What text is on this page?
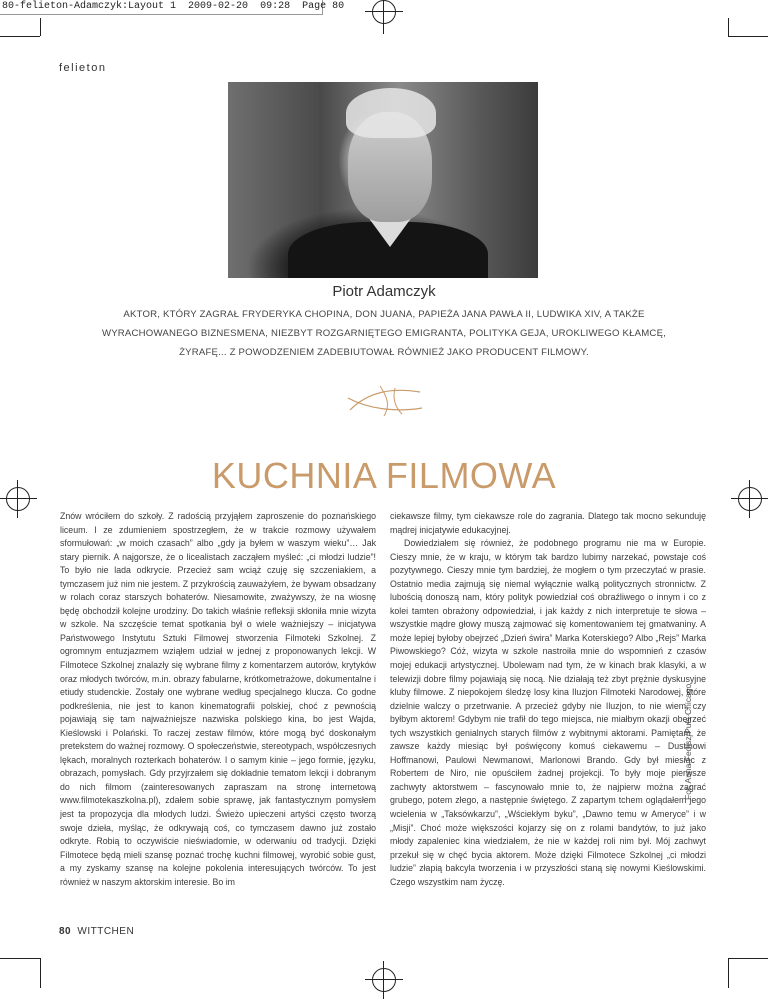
80-felieton-Adamczyk:Layout 1 2009-02-20 09:28 Page 80
felieton
Fot. Anna Fedisz/Puls Chicago
Piotr Adamczyk
AKTOR, KTÓRY ZAGRAŁ FRYDERYKA CHOPINA, DON JUANA, PAPIEŻA JANA PAWŁA II, LUDWIKA XIV, A TAKŻE WYRACHOWANEGO BIZNESMENA, NIEZBYT ROZGARNIĘTEGO EMIGRANTA, POLITYKA GEJA, UROKLIWEGO KŁAMCĘ, ŻYRAFĘ... Z POWODZENIEM ZADEBIUTOWAŁ RÓWNIEŻ JAKO PRODUCENT FILMOWY.
KUCHNIA FILMOWA

Znów wróciłem do szkoły. Z radością przyjąłem zaproszenie do poznańskiego liceum. I ze zdumieniem spostrzegłem, że w trakcie rozmowy używałem sformułowań: „w moich czasach” albo „gdy ja byłem w waszym wieku”… Jak stary piernik. A najgorsze, że o licealistach zacząłem myśleć: „ci młodzi ludzie”! To było nie lada odkrycie. Przecież sam wciąż czuję się szczeniakiem, a tymczasem już nim nie jestem. Z przykrością zauważyłem, że bywam obsadzany w rolach coraz starszych bohaterów. Niesamowite, zważywszy, że na wiosnę będę obchodził kolejne urodziny. Do takich właśnie refleksji skłoniła mnie wizyta w szkole. Na szczęście temat spotkania był o wiele ważniejszy – inicjatywa Państwowego Instytutu Sztuki Filmowej stworzenia Filmoteki Szkolnej. Z ogromnym entuzjazmem wziąłem udział w jednej z proponowanych lekcji. W Filmotece Szkolnej znalazły się wybrane filmy z komentarzem autorów, krytyków oraz młodych twórców, m.in. obrazy fabularne, krótkometrażowe, dokumentalne i etiudy studenckie. Zostały one wybrane według specjalnego klucza. Co godne podkreślenia, nie jest to kanon kinematografii polskiej, choć z pewnością pojawiają się tam najważniejsze nazwiska polskiego kina, bo jest Wajda, Kieślowski i Polański. To raczej zestaw filmów, które mogą być doskonałym pretekstem do ważnej rozmowy. O społeczeństwie, stereotypach, współczesnych lękach, moralnych rozterkach bohaterów. I o samym kinie – jego formie, języku, obrazach, pomysłach. Gdy przyjrzałem się dokładnie tematom lekcji i dobranym do nich filmom (zainteresowanych zapraszam na stronę internetową www.filmotekaszkolna.pl), zdałem sobie sprawę, jak fantastycznym pomysłem jest ta propozycja dla młodych ludzi. Świeżo upieczeni artyści często tworzą swoje dzieła, myśląc, że odkrywają coś, co tymczasem dawno już zostało odkryte. Robią to oczywiście nieświadomie, w oderwaniu od tradycji. Dzięki Filmotece będą mieli szansę poznać trochę kuchni filmowej, wyrobić sobie gust, a my zyskamy szansę na kolejne pokolenia interesujących twórców. To jest również w naszym aktorskim interesie. Bo im

ciekawsze filmy, tym ciekawsze role do zagrania. Dlatego tak mocno sekunduję mądrej inicjatywie edukacyjnej.

Dowiedziałem się również, że podobnego programu nie ma w Europie. Cieszy mnie, że w kraju, w którym tak bardzo lubimy narzekać, powstaje coś pozytywnego. Cieszy mnie tym bardziej, że mogłem o tym przeczytać w prasie. Ostatnio media zajmują się niemal wyłącznie walką politycznych stronnictw. Z lubością donoszą nam, który polityk powiedział coś obraźliwego o innym i co z kolei tamten obrażony odpowiedział, i jak każdy z nich interpretuje te słowa – wszystkie mądre głowy muszą zajmować się komentowaniem tej gmatwaniny. A może lepiej byłoby obejrzeć „Dzień świra” Marka Koterskiego? Albo „Rejs” Marka Piwowskiego? Cóż, wizyta w szkole nastroiła mnie do wspomnień z czasów mojej edukacji artystycznej. Ubolewam nad tym, że w kinach brak klasyki, a w telewizji dobre filmy pojawiają się nocą. Nie działają też zbyt prężnie dyskusyjne kluby filmowe. Z niepokojem śledzę losy kina Iluzjon Filmoteki Narodowej, które dzielnie walczy o przetrwanie. A przecież gdyby nie Iluzjon, to nie wiem, czy byłbym aktorem! Gdybym nie trafił do tego miejsca, nie miałbym okazji obejrzeć tych wszystkich genialnych starych filmów z wybitnymi aktorami. Pamiętam, że zawsze każdy miesiąc był poświęcony komuś ciekawemu – Dustinowi Hoffmanowi, Paulowi Newmanowi, Marlonowi Brando. Gdy był miesiąc z Robertem de Niro, nie opuściłem żadnej projekcji. To były moje pierwsze zachwyty aktorstwem – fascynowało mnie to, że najpierw można zagrać grubego, potem złego, a następnie świętego. Z zapartym tchem oglądałem jego wcielenia w „Taksówkarzu”, „Wściekłym byku”, „Dawno temu w Ameryce” i w „Misji”. Choć może większości kojarzy się on z rolami bandytów, to już jako młody zapaleniec kina wiedziałem, że nie w każdej roli nim był. Mój zachwyt przekuł się w chęć bycia aktorem. Może dzięki Filmotece Szkolnej „ci młodzi ludzie” złapią bakcyla tworzenia i w przyszłości staną się nowymi Kieślowskimi. Czego wszystkim nam życzę.

80 WITTCHEN
